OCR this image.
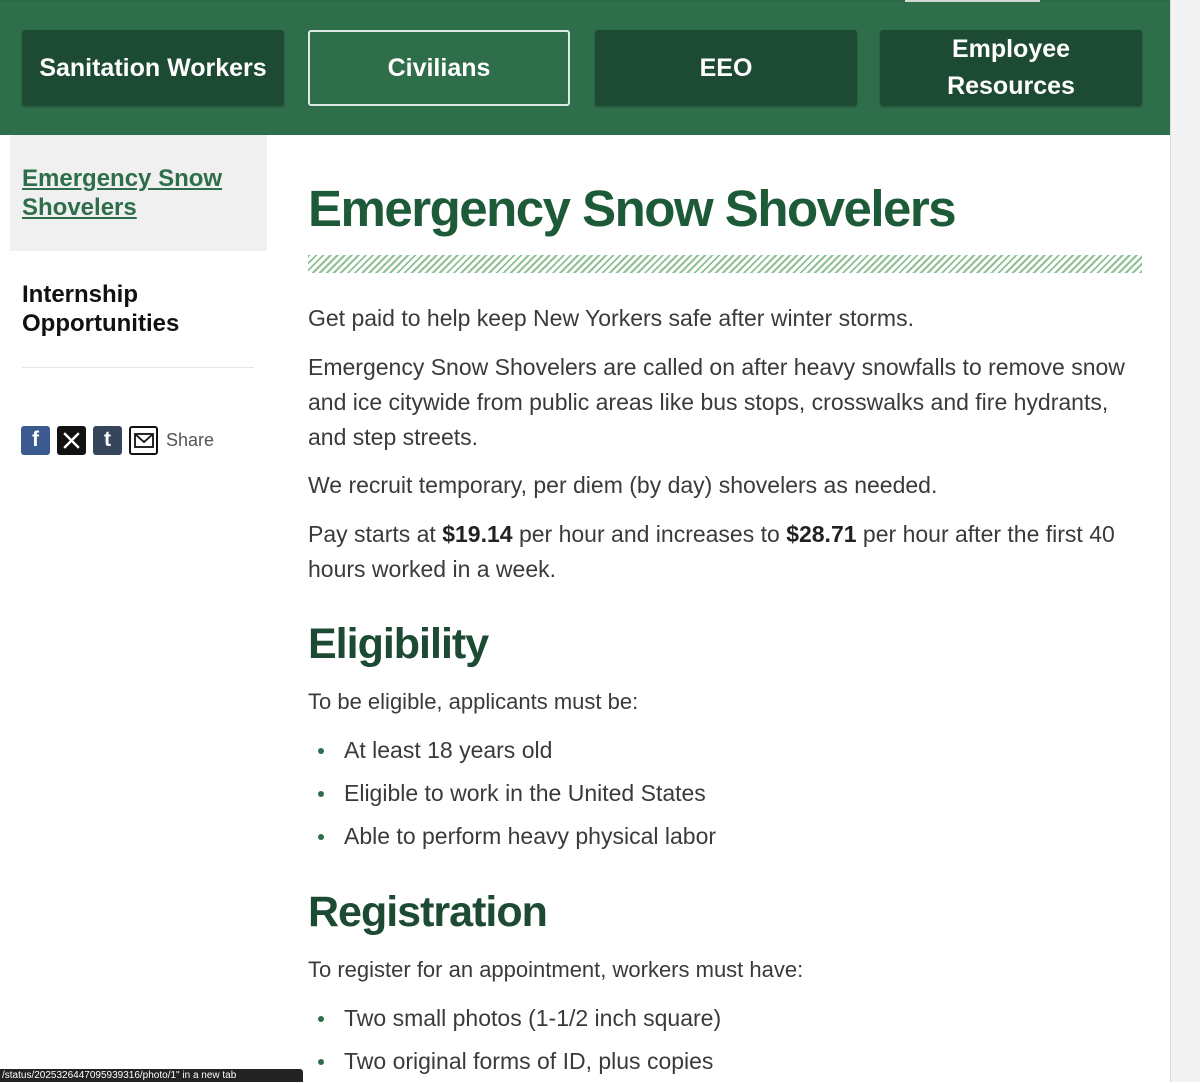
Sanitation Workers	Civilians	EEO
Employee Resources
Emergency Snow Shovelers
Internship Opportunities
f	t	Share
Emergency Snow Shovelers

Get paid to help keep New Yorkers safe after winter storms.

Emergency Snow Shovelers are called on after heavy snowfalls to remove snow and ice citywide from public areas like bus stops, crosswalks and fire hydrants, and step streets.

We recruit temporary, per diem (by day) shovelers as needed.

Pay starts at $19.14 per hour and increases to $28.71 per hour after the first 40 hours worked in a week.

Eligibility
To be eligible, applicants must be:
At least 18 years old
Eligible to work in the United States
Able to perform heavy physical labor
Registration
To register for an appointment, workers must have:
Two small photos (1-1/2 inch square)
Two original forms of ID, plus copies
/status/2025326447095939316/photo/1" in a new tab
